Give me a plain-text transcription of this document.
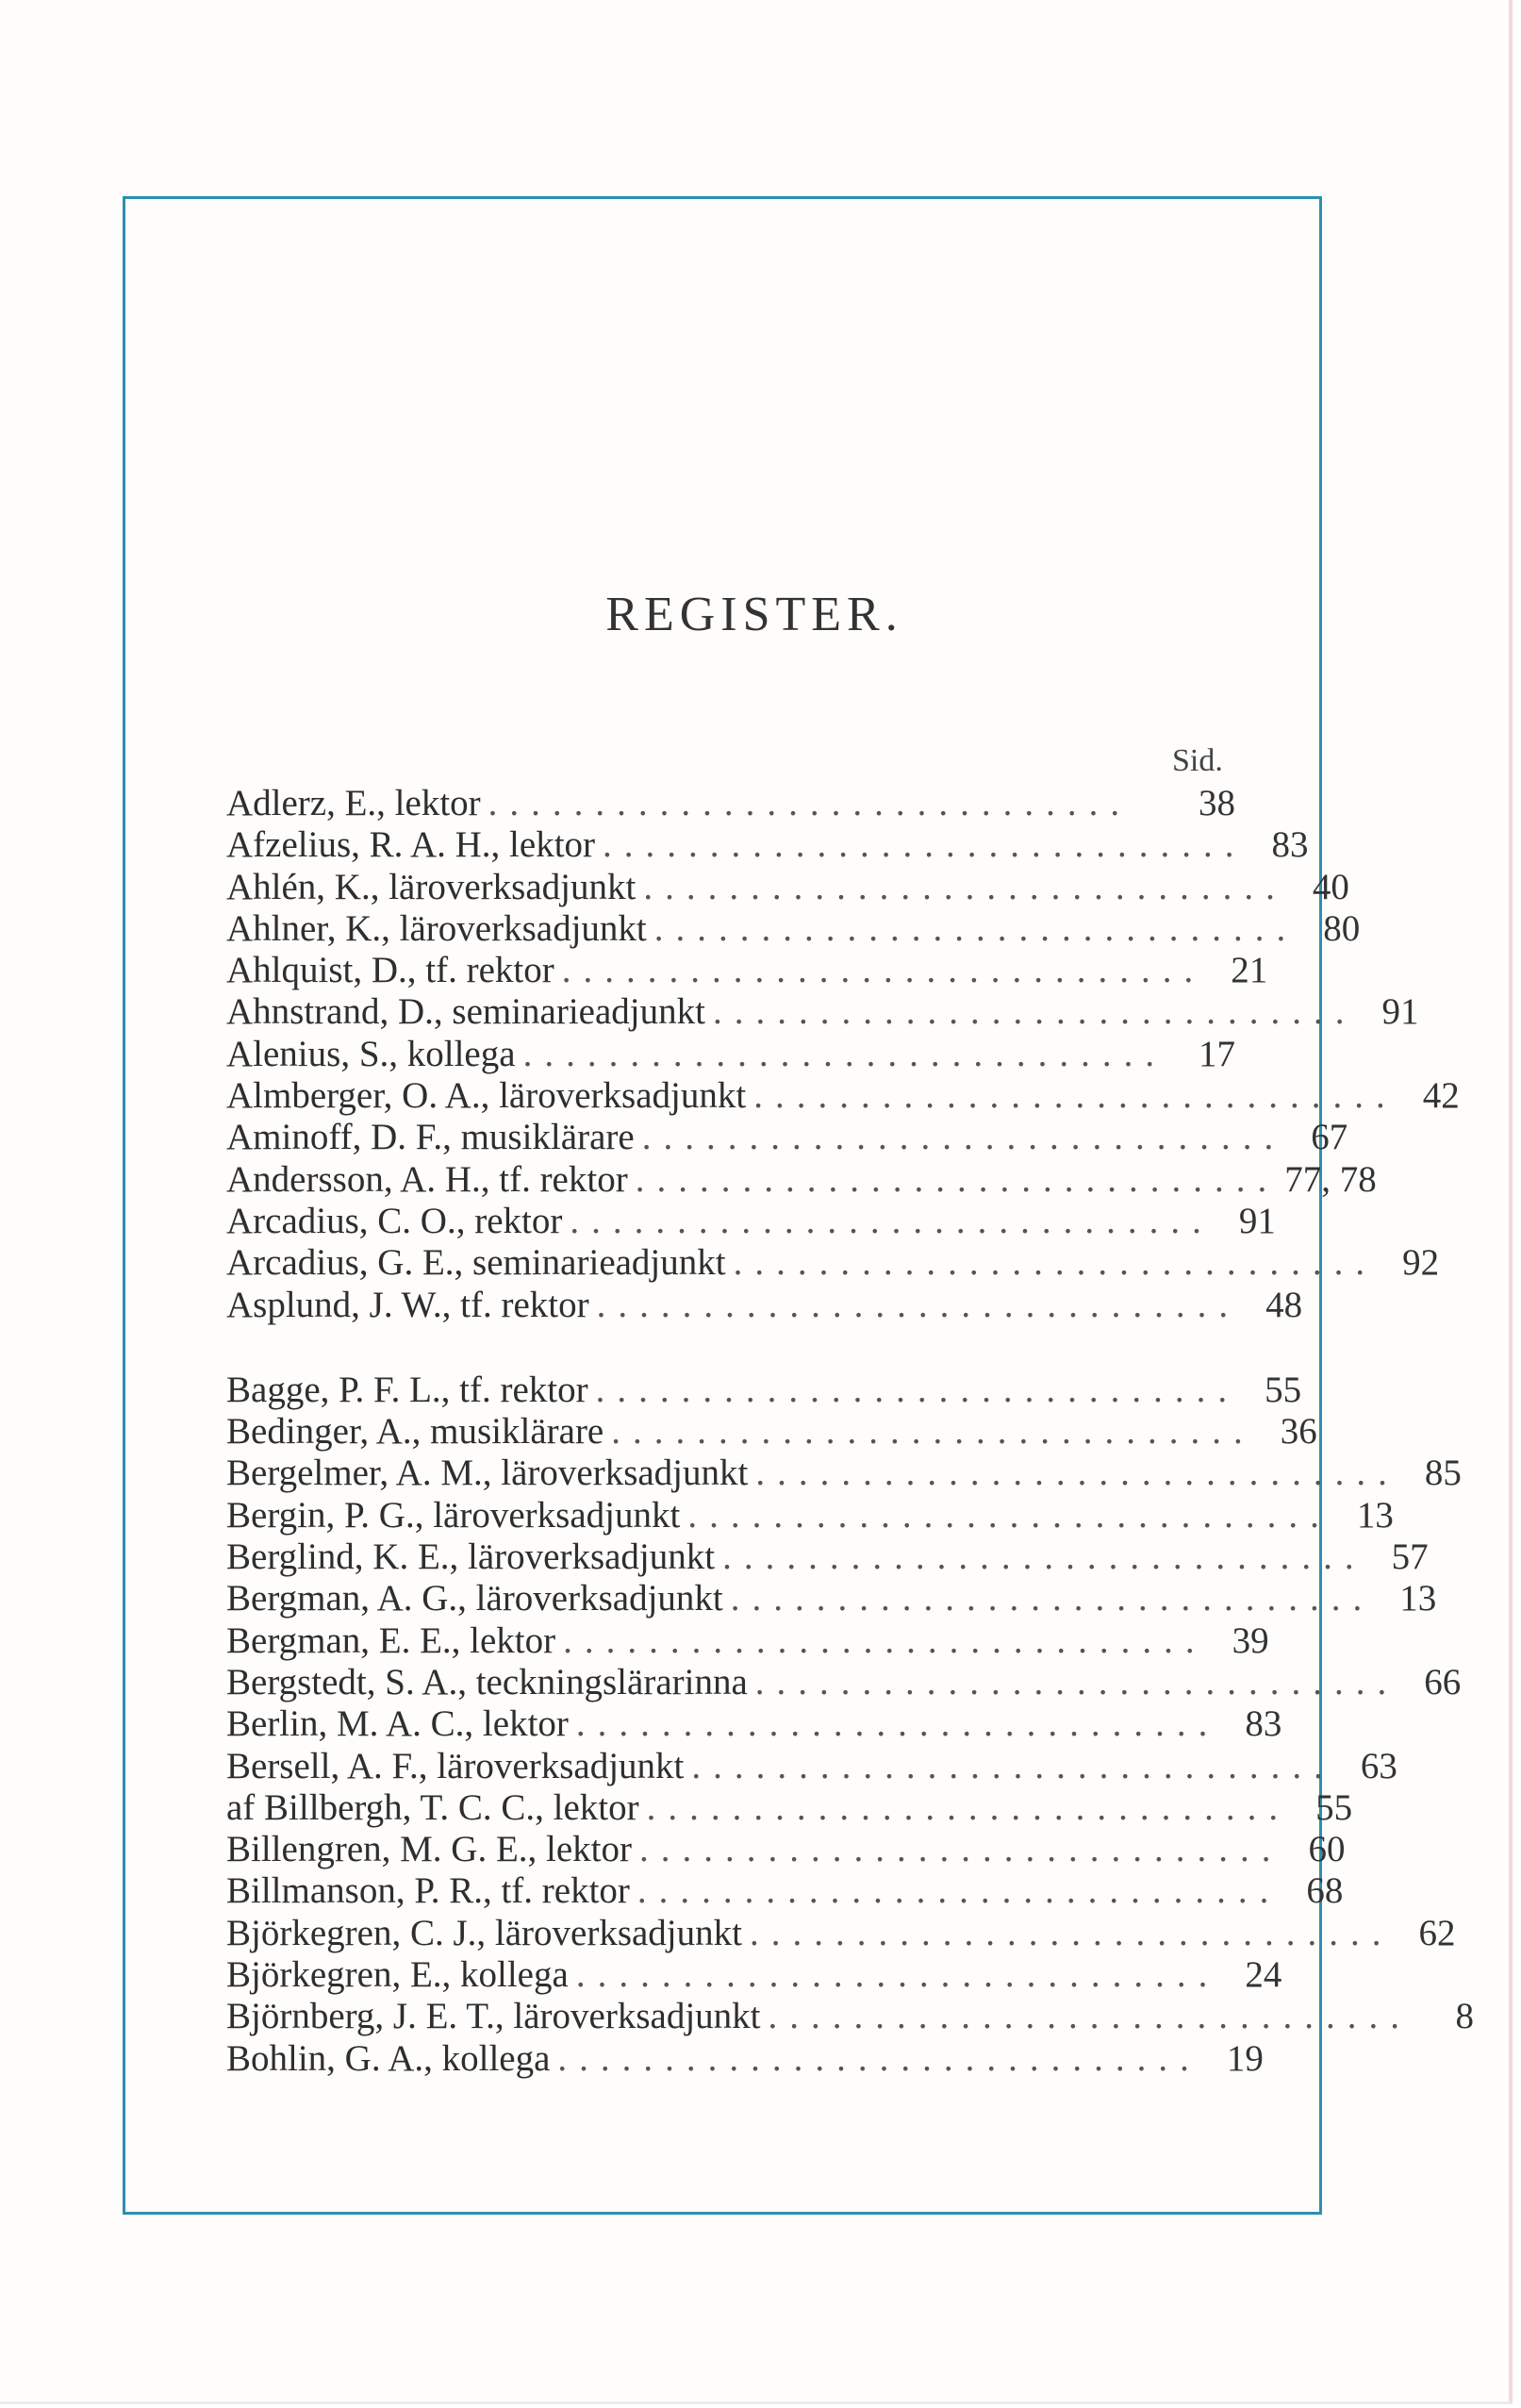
REGISTER.
Sid.
Adlerz, E., lektor ..............................	38
Afzelius, R. A. H., lektor .............................. 83
Ahlén, K., läroverksadjunkt .............................. 40
Ahlner, K., läroverksadjunkt .............................. 80
Ahlquist, D., tf. rektor .............................. 21
Ahnstrand, D., seminarieadjunkt .............................. 91
Alenius, S., kollega .............................. 17
Almberger, O. A., läroverksadjunkt .............................. 42
Aminoff, D. F., musiklärare .............................. 67
Andersson, A. H., tf. rektor .............................. 77, 78
Arcadius, C. O., rektor .............................. 91
Arcadius, G. E., seminarieadjunkt .............................. 92
Asplund, J. W., tf. rektor .............................. 48
Bagge, P. F. L., tf. rektor .............................. 55
Bedinger, A., musiklärare .............................. 36
Bergelmer, A. M., läroverksadjunkt .............................. 85
Bergin, P. G., läroverksadjunkt .............................. 13
Berglind, K. E., läroverksadjunkt .............................. 57
Bergman, A. G., läroverksadjunkt .............................. 13
Bergman, E. E., lektor .............................. 39
Bergstedt, S. A., teckningslärarinna .............................. 66
Berlin, M. A. C., lektor .............................. 83
Bersell, A. F., läroverksadjunkt .............................. 63
af Billbergh, T. C. C., lektor .............................. 55
Billengren, M. G. E., lektor .............................. 60
Billmanson, P. R., tf. rektor .............................. 68
Björkegren, C. J., läroverksadjunkt .............................. 62
Björkegren, E., kollega .............................. 24
Björnberg, J. E. T., läroverksadjunkt ..............................	8
Bohlin, G. A., kollega .............................. 19
